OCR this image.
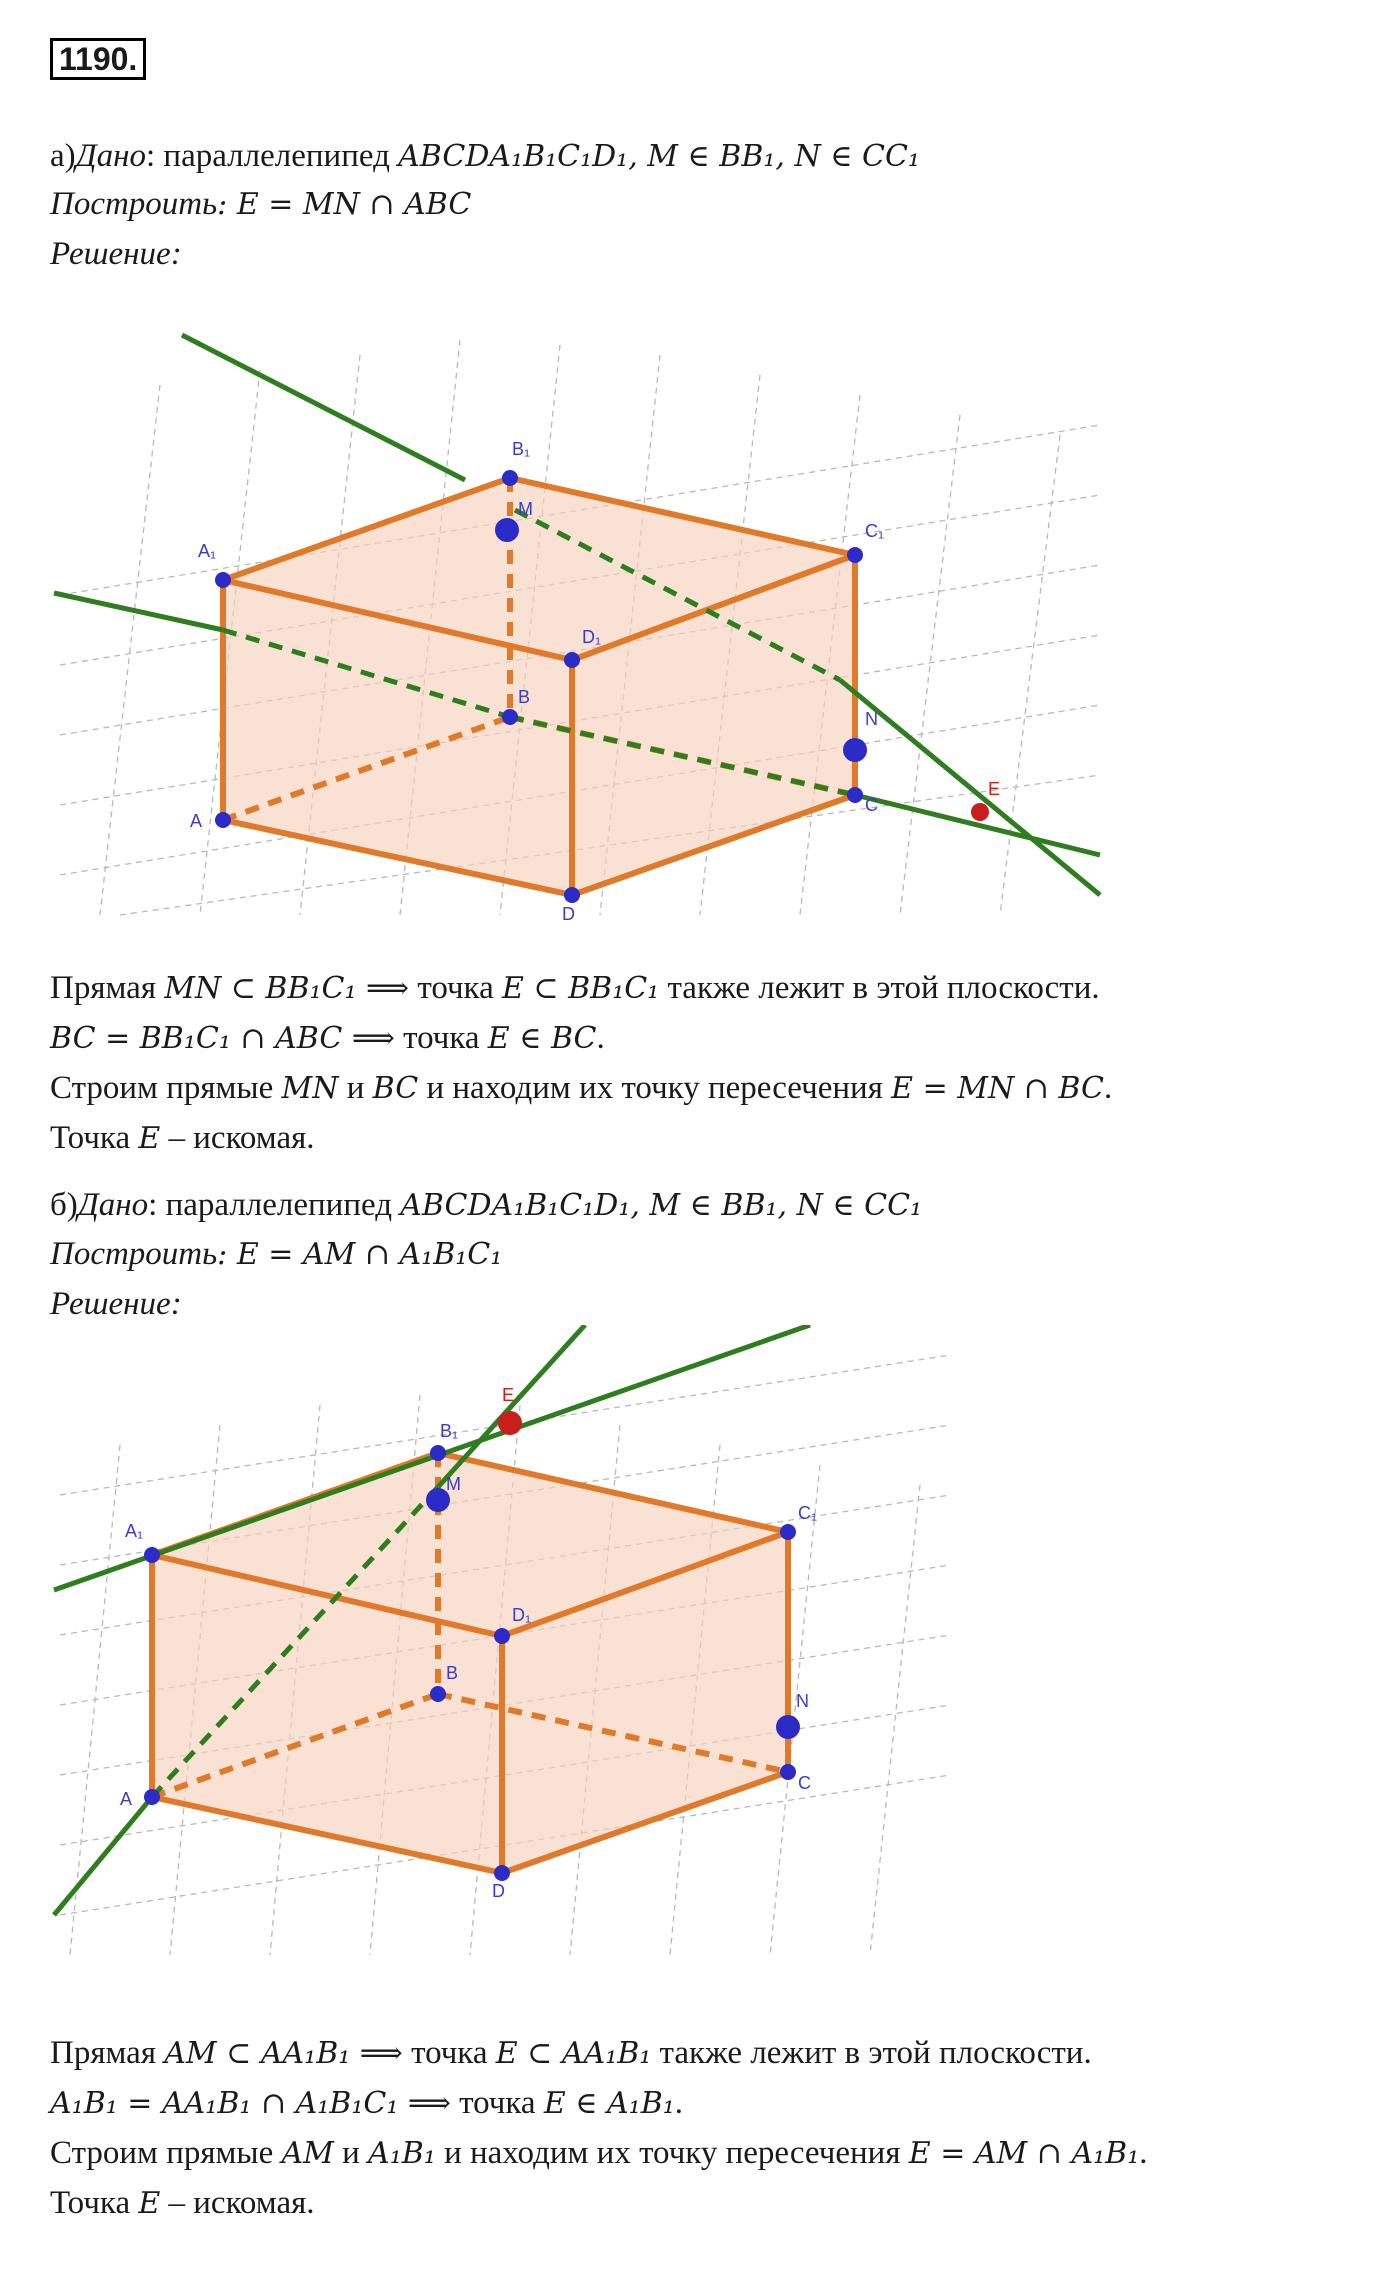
1190.
а)Дано: параллелепипед ABCDA₁B₁C₁D₁, M ∈ BB₁, N ∈ CC₁
Построить: E = MN ∩ ABC
Решение:
A₁
B₁
C₁
D₁
A
B
C
D
M
N
E
Прямая MN ⊂ BB₁C₁ ⟹ точка E ⊂ BB₁C₁ также лежит в этой плоскости.
BC = BB₁C₁ ∩ ABC ⟹ точка E ∈ BC.
Строим прямые MN и BC и находим их точку пересечения E = MN ∩ BC.
Точка E – искомая.
б)Дано: параллелепипед ABCDA₁B₁C₁D₁, M ∈ BB₁, N ∈ CC₁
Построить: E = AM ∩ A₁B₁C₁
Решение:
A₁
B₁
C₁
D₁
A
B
C
D
M
N
E
Прямая AM ⊂ AA₁B₁ ⟹ точка E ⊂ AA₁B₁ также лежит в этой плоскости.
A₁B₁ = AA₁B₁ ∩ A₁B₁C₁ ⟹ точка E ∈ A₁B₁.
Строим прямые AM и A₁B₁ и находим их точку пересечения E = AM ∩ A₁B₁.
Точка E – искомая.
